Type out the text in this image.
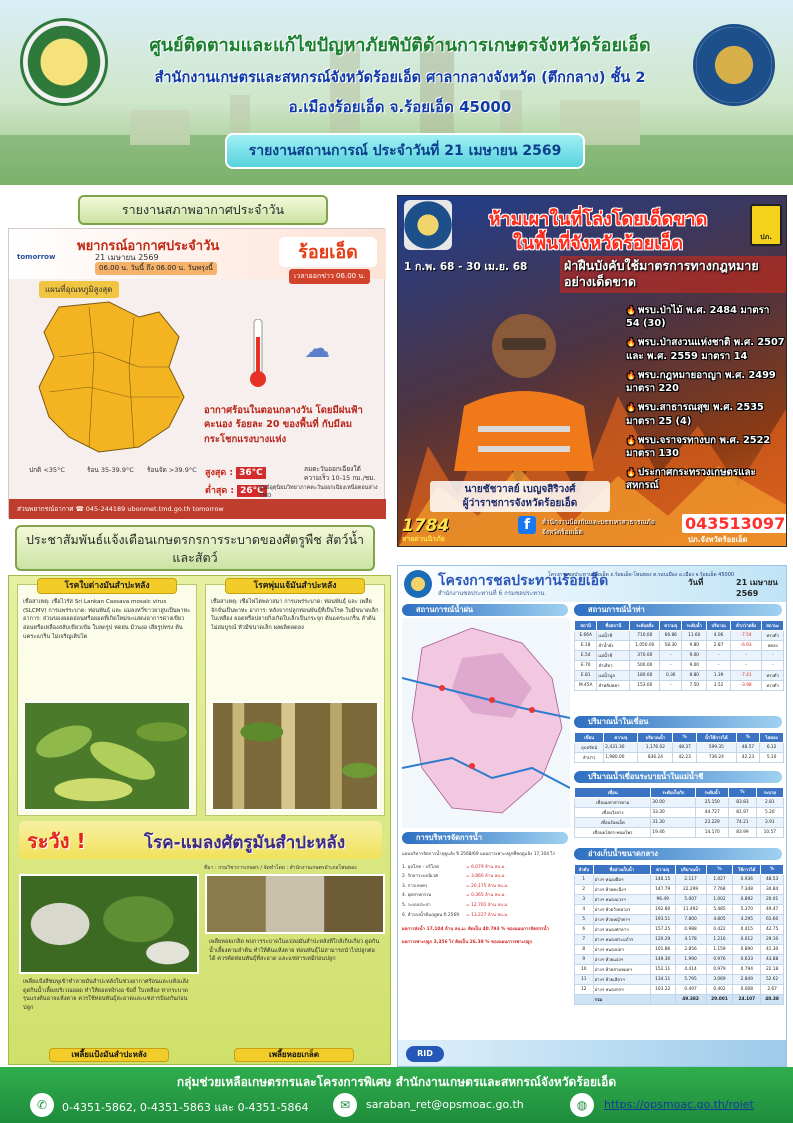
ศูนย์ติดตามและแก้ไขปัญหาภัยพิบัติด้านการเกษตรจังหวัดร้อยเอ็ด
สำนักงานเกษตรและสหกรณ์จังหวัดร้อยเอ็ด ศาลากลางจังหวัด (ตึกกลาง) ชั้น 2
อ.เมืองร้อยเอ็ด จ.ร้อยเอ็ด 45000
รายงานสถานการณ์ ประจำวันที่ 21 เมษายน 2569
รายงานสภาพอากาศประจำวัน
ประชาสัมพันธ์แจ้งเตือนเกษตรกรการระบาดของศัตรูพืช สัตว์น้ำ และสัตว์
tomorrow
พยากรณ์อากาศประจำวัน
21 เมษายน 2569
06.00 น. วันนี้ ถึง 06.00 น. วันพรุ่งนี้
ร้อยเอ็ด
เวลาออกข่าว 06.00 น.
แผนที่อุณหภูมิสูงสุด
☁
อากาศร้อนในตอนกลางวัน โดยมีฝนฟ้าคะนอง ร้อยละ 20 ของพื้นที่ กับมีลมกระโชกแรงบางแห่ง
ปกติ <35°C	ร้อน 35-39.9°C ร้อนจัด >39.9°C สูงสุด : 36°C
ต่ำสุด : 26°C
ลมตะวันออกเฉียงใต้ ความเร็ว 10-15 กม./ชม.
ศูนย์อุตุนิยมวิทยาภาคตะวันออกเฉียงเหนือตอนล่าง TMD
ส่วนพยากรณ์อากาศ ☎ 045-244189 ubonmet.tmd.go.th tomorrow
ปภ.
ห้ามเผาในที่โล่งโดยเด็ดขาด
ในพื้นที่จังหวัดร้อยเอ็ด
1 ก.พ. 68 - 30 เม.ย. 68	ฝ่าฝืนบังคับใช้มาตรการทางกฎหมายอย่างเด็ดขาด
🔥 พรบ.ป่าไม้ พ.ศ. 2484 มาตรา 54 (30)
🔥 พรบ.ป่าสงวนแห่งชาติ พ.ศ. 2507 และ พ.ศ. 2559 มาตรา 14
🔥 พรบ.กฎหมายอาญา พ.ศ. 2499 มาตรา 220
🔥 พรบ.สาธารณสุข พ.ศ. 2535 มาตรา 25 (4)
🔥 พรบ.จราจรทางบก พ.ศ. 2522 มาตรา 130
🔥 ประกาศกระทรวงเกษตรและสหกรณ์
นายชัชวาลย์ เบญจสิริวงศ์
ผู้ว่าราชการจังหวัดร้อยเอ็ด
1784
สายด่วนนิรภัย
f	สำนักงานป้องกันและบรรเทาสาธารณภัยจังหวัดร้อยเอ็ด	043513097
ปภ.จังหวัดร้อยเอ็ด
โรคใบด่างมันสำปะหลัง
เชื้อสาเหตุ: เชื้อไวรัส Sri Lankan Cassava mosaic virus (SLCMV) การแพร่ระบาด: ท่อนพันธุ์ และ แมลงหวี่ขาวยาสูบเป็นพาหะ อาการ: ส่วนของยอดอ่อนหรือยอดที่เกิดใหม่จะแสดงอาการด่างเขียวอ่อนหรือเหลืองสลับเขียวเข้ม ใบลดรูป หดย่น ม้วนงอ เสียรูปทรง ต้นแคระแกร็น ไม่เจริญเติบโต
โรคพุ่มแจ้มันสำปะหลัง
เชื้อสาเหตุ: เชื้อไฟโตพลาสมา การแพร่ระบาด: ท่อนพันธุ์ และ เพลี้ยจักจั่นเป็นพาหะ อาการ: หลังจากปลูกท่อนพันธุ์ที่เป็นโรค ใบมีขนาดเล็ก ใบเหลือง ยอดหรือปลายกิ่งเกิดใบเล็กเป็นกระจุก ต้นแคระแกร็น ลำต้นไม่สมบูรณ์ หัวมีขนาดเล็ก ผลผลิตลดลง
ระวัง !	โรค-แมลงศัตรูมันสำปะหลัง
ที่มา : กรมวิชาการเกษตร / จัดทำโดย : สำนักงานเกษตรอำเภอโพนทอง
เพลี้ยแป้งสีชมพูเข้าทำลายมันสำปะหลังในช่วงอากาศร้อนและแห้งแล้ง ดูดกินน้ำเลี้ยงบริเวณยอด ทำให้ยอดหงิกงอ ข้อถี่ ใบเหลือง หากระบาดรุนแรงต้นอาจแห้งตาย ควรใช้ท่อนพันธุ์สะอาดและแช่สารป้องกันก่อนปลูก
เพลี้ยหอยเกล็ด พบการระบาดในแปลงมันสำปะหลังที่ใกล้เก็บเกี่ยว ดูดกินน้ำเลี้ยงตามลำต้น ทำให้ต้นแห้งตาย ท่อนพันธุ์ไม่สามารถนำไปปลูกต่อได้ ควรคัดท่อนพันธุ์ที่สะอาด และแช่สารเคมีก่อนปลูก
เพลี้ยแป้งมันสำปะหลัง	เพลี้ยหอยเกล็ด
โครงการชลประทานร้อยเอ็ด
สำนักงานชลประทานที่ 6 กรมชลประทาน
วันที่	21 เมษายน 2569
สถานการณ์น้ำฝน	สถานการณ์น้ำท่า
สถานี	ชื่อสถานี	ระดับตลิ่ง	ความจุ	ระดับน้ำ	ปริมาณ	ต่ำกว่าตลิ่ง	สถานะ
E.66A	แม่น้ำชี	710.00	66.86	11.60	4.06	-7.54	ทรงตัว
E.18	ลำน้ำยัง	1,050.00	58.30	9.80	2.87	-6.93	ลดลง
E.54	แม่น้ำชี	370.00	-	9.00	-	-	-
E.70	ลำเสียว	500.00	-	9.00	-	-	-
E.81	แม่น้ำมูล	180.00	0.36	8.80	1.39	-7.41	ทรงตัว
M.45A	ลำพลับพลา	153.00	-	7.50	3.52	-3.98	ทรงตัว
ปริมาณน้ำในเขื่อน
เขื่อน	ความจุ	ปริมาณน้ำ	%	น้ำใช้การได้	%	ไหลลง
อุบลรัตน์	2,431.30	1,176.02	48.37	599.35	48.57	6.12
ลำปาว	1,980.00	836.24	42.23	736.24	42.23	5.10
ปริมาณน้ำเขื่อนระบายน้ำในแม่น้ำชี
เขื่อน	ระดับเก็บกัก	ระดับน้ำ	%	ระบาย
เขื่อนมหาสารคาม	30.00	25.150	83.83	2.81
เขื่อนวังยาง	33.30	44.727	81.97	5.20
เขื่อนร้อยเอ็ด	31.30	23.229	74.21	3.91
เขื่อนยโสธร-พนมไพร	19.46	14.170	83.99	10.57
การบริหารจัดการน้ำ
แผนบริหารจัดการน้ำฤดูแล้ง ปี 2568/69 แผนการเพาะปลูกพืชฤดูแล้ง 17,104 ไร่
1. อุปโภค - บริโภค	= 6.079 ล้าน ลบ.ม.
2. รักษาระบบนิเวศ	= 3.860 ล้าน ลบ.ม.
3. การเกษตร	= 20.175 ล้าน ลบ.ม.
4. อุตสาหกรรม	= 0.365 ล้าน ลบ.ม.
5. ระบบประปา	= 12.701 ล้าน ลบ.ม.
6. สำรองน้ำต้นฤดูฝน ปี 2569	= 13.227 ล้าน ลบ.ม.
ผลการส่งน้ำ 17,104 ล้าน ลบ.ม. คิดเป็น 40.793 % ของแผนการจัดสรรน้ำ
ผลการเพาะปลูก 3,356 ไร่ คิดเป็น 26.38 % ของแผนการเพาะปลูก
อ่างเก็บน้ำขนาดกลาง
ลำดับ	ชื่ออ่างเก็บน้ำ	ความจุ	ปริมาณน้ำ	%	ใช้การได้	%
1	อ่างฯ หนองผือฯ	140.15	2.117	1.027	0.936	48.53
2	อ่างฯ ห้วยคะนึงฯ	147.79	22.299	7.768	7.348	34.84
3	อ่างฯ หนองแวงฯ	96.49	5.007	1.002	0.892	20.01
4	อ่างฯ ห้วยวังหลวงฯ	192.80	11.492	5.485	5.370	49.47
5	อ่างฯ ห้วยหญ้าคาฯ	193.51	7.800	4.805	4.295	61.60
6	อ่างฯ หนองศาลาฯ	157.25	0.988	0.422	0.415	42.75
7	อ่างฯ หนองสระแก้วฯ	120.29	4.178	1.216	0.012	29.10
8	อ่างฯ หนองบ่อฯ	101.86	2.856	1.159	0.890	41.30
9	อ่างฯ ห้วยแอ่งฯ	149.30	1.990	0.976	0.633	43.88
10	อ่างฯ ห้วยสามหมอฯ	152.11	4.414	0.979	0.794	22.18
11	อ่างฯ ห้วยเสียวฯ	134.11	5.795	3.069	2.849	52.62
12	อ่างฯ หนองกกฯ	103.22	0.497	0.402	0.008	2.67
	รวม		49.382	29.001	24.107	40.38
RID
โครงการชลประทานร้อยเอ็ด ถ.ร้อยเอ็ด-โพนทอง ต.รอบเมือง อ.เมือง จ.ร้อยเอ็ด 45000
กลุ่มช่วยเหลือเกษตรกรและโครงการพิเศษ สำนักงานเกษตรและสหกรณ์จังหวัดร้อยเอ็ด
✆	0-4351-5862, 0-4351-5863 และ 0-4351-5864	✉	saraban_ret@opsmoac.go.th	◍	https://opsmoac.go.th/roiet
